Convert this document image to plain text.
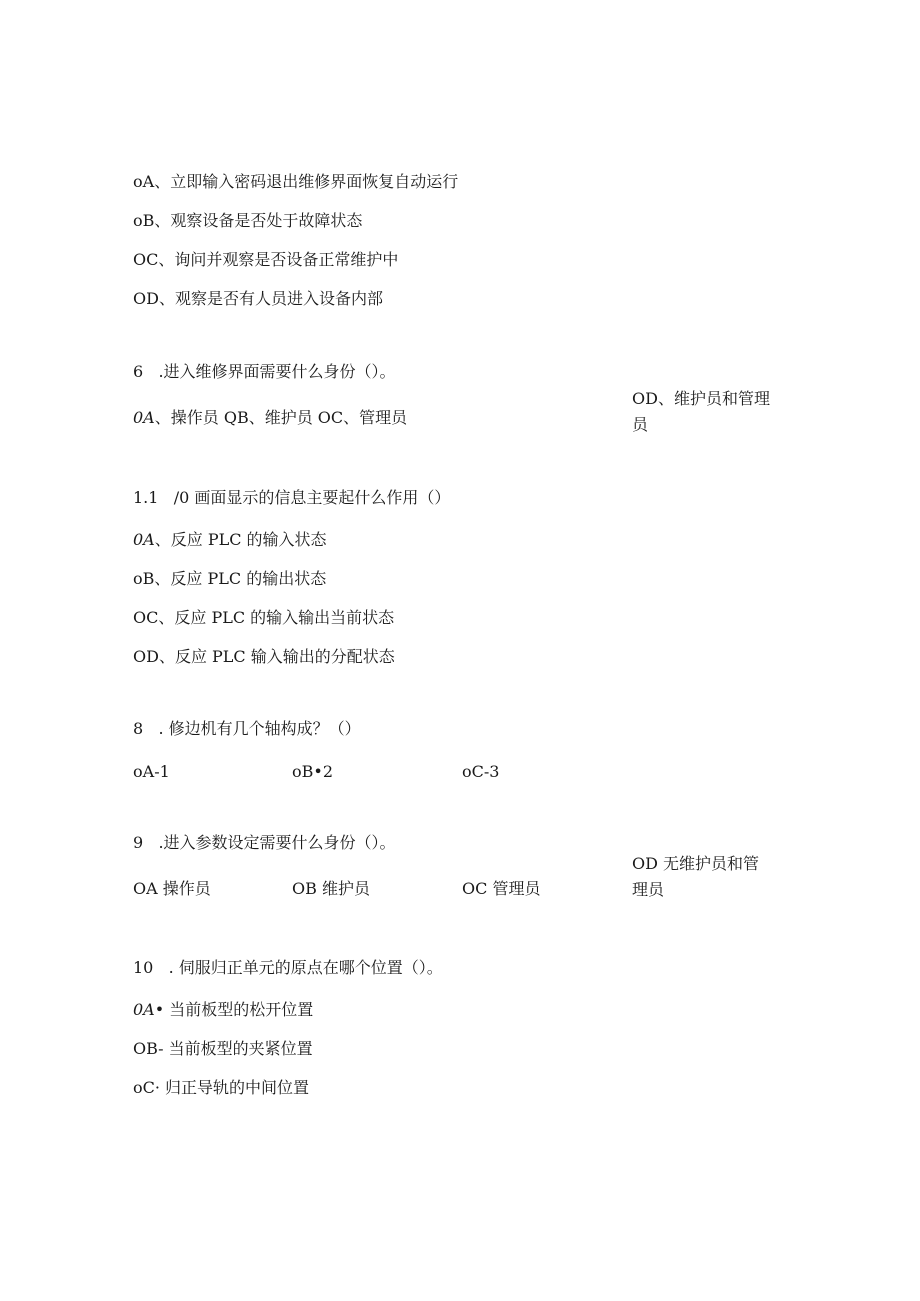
oA、立即输入密码退出维修界面恢复自动运行
oB、观察设备是否处于故障状态
OC、询问并观察是否设备正常维护中
OD、观察是否有人员进入设备内部
6   .进入维修界面需要什么身份（）。
0A、操作员 QB、维护员 OC、管理员
OD、维护员和管理员
1.1   /0 画面显示的信息主要起什么作用（）
0A、反应 PLC 的输入状态
oB、反应 PLC 的输出状态
OC、反应 PLC 的输入输出当前状态
OD、反应 PLC 输入输出的分配状态
8   . 修边机有几个轴构成？（）
oA-1	oB•2	oC-3
9   .进入参数设定需要什么身份（）。
OA 操作员	OB 维护员	OC 管理员
OD 无维护员和管理员
10   . 伺服归正单元的原点在哪个位置（）。
0A• 当前板型的松开位置
OB- 当前板型的夹紧位置
oC· 归正导轨的中间位置
